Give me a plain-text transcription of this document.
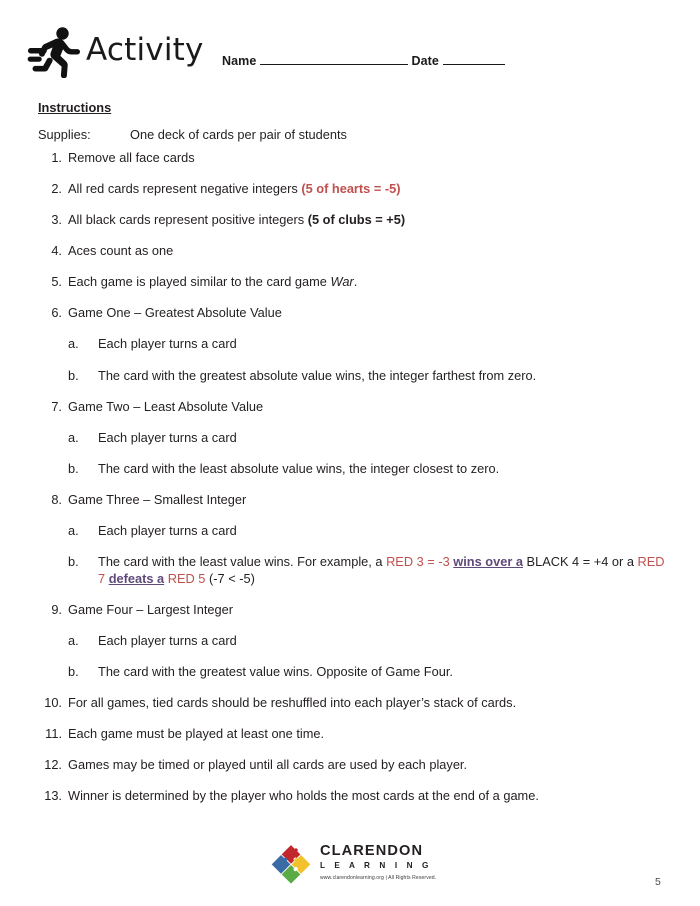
Activity Name	Date
Instructions
Supplies:	One deck of cards per pair of students
1. Remove all face cards
2. All red cards represent negative integers (5 of hearts = -5)
3. All black cards represent positive integers (5 of clubs = +5)
4. Aces count as one
5. Each game is played similar to the card game War.
6. Game One – Greatest Absolute Value
a.	Each player turns a card
b.	The card with the greatest absolute value wins, the integer farthest from zero.
7. Game Two – Least Absolute Value
a.	Each player turns a card
b.	The card with the least absolute value wins, the integer closest to zero.
8. Game Three – Smallest Integer
a.	Each player turns a card
b.	The card with the least value wins. For example, a RED 3 = -3 wins over a BLACK 4 = +4 or a RED 7 defeats a RED 5 (-7 < -5)
9. Game Four – Largest Integer
a.	Each player turns a card
b.	The card with the greatest value wins. Opposite of Game Four.
10. For all games, tied cards should be reshuffled into each player’s stack of cards.
11. Each game must be played at least one time.
12. Games may be timed or played until all cards are used by each player.
13. Winner is determined by the player who holds the most cards at the end of a game.
CLARENDON
L E A R N I N G
www.clarendonlearning.org | All Rights Reserved.	5
